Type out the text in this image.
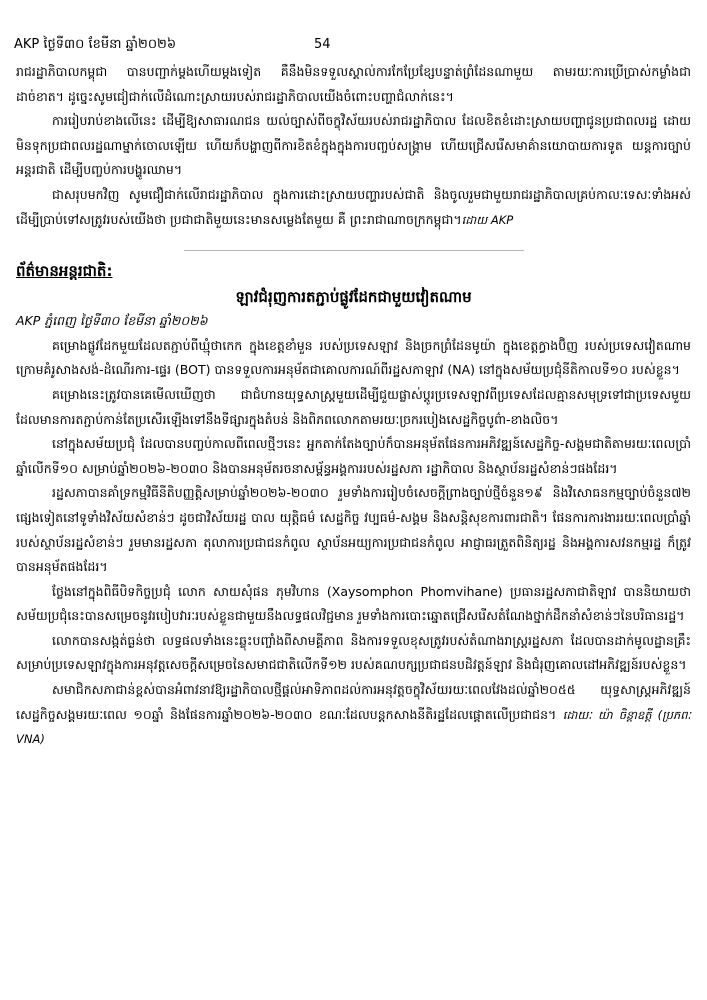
AKP ថ្ងៃទី៣០ ខែមីនា ឆ្នាំ២០២៦	54

រាជរដ្ឋាភិបាលកម្ពុជា បានបញ្ជាក់ម្តងហើយម្តងទៀត គឺនឹងមិនទទួលស្គាល់ការកែប្រែខ្សែបន្ទាត់ព្រំដែនណាមួយ តាមរយៈការប្រើប្រាស់កម្លាំងជាដាច់ខាត។ ដូច្នេះសូមជៀជាក់លើដំណោះស្រាយរបស់រាជរដ្ឋាភិបាលយើងចំពោះបញ្ហាជំលាក់នេះ។

ការរៀបរាប់ខាងលើនេះ ដើម្បីឱ្យសាធារណជន យល់ច្បាស់ពីចក្ខុវិស័យរបស់រាជរដ្ឋាភិបាល ដែលខិតខំដោះស្រាយបញ្ហាជូនប្រជាពលរដ្ឋ ដោយមិនទុកប្រជាពលរដ្ឋណាម្នាក់ចោលឡើយ ហើយក៏បង្ហាញពីការខិតខំក្នុងក្នុងការបញ្ចប់សង្គ្រាម ហើយជ្រើសរើសមាគ៌ានយោបាយការទូត យន្តការច្បាប់អន្តរជាតិ ដើម្បីបញ្ចប់ការបង្ហូរឈាម។

ជាសរុបមកវិញ សូមជឿជាក់លើរាជរដ្ឋាភិបាល ក្នុងការដោះស្រាយបញ្ហារបស់ជាតិ និងចូលរួមជាមួយរាជរដ្ឋាភិបាលគ្រប់កាលៈទេសៈទាំងអស់ ដើម្បីប្រាប់ទៅសត្រូវរបស់យើងថា ប្រជាជាតិមួយនេះមានសម្លេងតែមួយ គឺ ព្រះរាជាណាចក្រកម្ពុជា។ដោយ AKP

ព័ត៌មានអន្តរជាតិ:
ឡាវជំរុញការតភ្ជាប់ផ្លូវដែកជាមួយវៀតណាម
AKP ភ្នំពេញ ថ្ងៃទី៣០ ខែមីនា ឆ្នាំ២០២៦

គម្រោងផ្លូវដែកមួយដែលតភ្ជាប់ពីឃ្មុំថាកេក ក្នុងខេត្តខាំមួន របស់ប្រទេសឡាវ និងច្រកព្រំដែនមូយ៉ា ក្នុងខេត្តក្វាងប៊ិញ របស់ប្រទេសវៀតណាម ក្រោមគំរូសាងសង់-ដំណើរការ-ផ្ទេរ (BOT) បានទទួលការអនុម័តជាគោលការណ៍ពីរដ្ឋសភាឡាវ (NA) នៅក្នុងសម័យប្រជុំនីតិកាលទី១០ របស់ខ្លួន។

គម្រោងនេះត្រូវបានគេមើលឃើញថា ជាជំហានយុទ្ធសាស្ត្រមួយដើម្បីជួយផ្លាស់ប្តូរប្រទេសឡាវពីប្រទេសដែលគ្មានសមុទ្រទៅជាប្រទេសមួយដែលមានការតភ្ជាប់កាន់តែប្រសើរឡើងទៅនឹងទីផ្សារក្នុងតំបន់ និងពិភពលោកតាមរយៈច្រករបៀងសេដ្ឋកិច្ចបូព៌ា-ខាងលិច។

នៅក្នុងសម័យប្រជុំ ដែលបានបញ្ចប់កាលពីពេលថ្មីៗនេះ អ្នកតាក់តែងច្បាប់ក៏បានអនុម័តផែនការអភិវឌ្ឍន៍សេដ្ឋកិច្ច-សង្គមជាតិតាមរយៈពេលប្រាំឆ្នាំលើកទី១០ សម្រាប់ឆ្នាំ២០២៦-២០៣០ និងបានអនុម័តរចនាសម្ព័ន្ធអង្គការរបស់រដ្ឋសភា រដ្ឋាភិបាល និងស្ថាប័នរដ្ឋសំខាន់ៗផងដែរ។

រដ្ឋសភាបានគាំទ្រកម្មវិធីនីតិបញ្ញត្តិសម្រាប់ឆ្នាំ២០២៦-២០៣០ រួមទាំងការរៀបចំសេចក្តីព្រាងច្បាប់ថ្មីចំនួន១៩ និងវិសោធនកម្មច្បាប់ចំនួន៧២ ផ្សេងទៀតនៅទូទាំងវិស័យសំខាន់ៗ ដូចជាវិស័យរដ្ឋ បាល យុត្តិធម៌ សេដ្ឋកិច្ច វប្បធម៌-សង្គម និងសន្តិសុខការពារជាតិ។ ផែនការការងាររយៈពេលប្រាំឆ្នាំរបស់ស្ថាប័នរដ្ឋសំខាន់ៗ រួមមានរដ្ឋសភា តុលាការប្រជាជនកំពូល ស្ថាប័នអយ្យការប្រជាជនកំពូល អាជ្ញាធរត្រួតពិនិត្យរដ្ឋ និងអង្គការសវនកម្មរដ្ឋ ក៏ត្រូវបានអនុម័តផងដែរ។

ថ្លែងនៅក្នុងពិធីបិទកិច្ចប្រជុំ លោក សាយសុំផន ភុមវិហាន (Xaysomphon Phomvihane) ប្រធានរដ្ឋសភាជាតិឡាវ បាននិយាយថា សម័យប្រជុំនេះបានសម្រេចនូវរបៀបវារៈរបស់ខ្លួនជាមួយនឹងលទ្ធផលវិជ្ជមាន រួមទាំងការបោះឆ្នោតជ្រើសរើសតំណែងថ្នាក់ដឹកនាំសំខាន់ៗនៃបរិធានរដ្ឋ។

លោកបានសង្កត់ធ្ងន់ថា លទ្ធផលទាំងនេះឆ្លុះបញ្ចាំងពីសាមគ្គីភាព និងការទទួលខុសត្រូវរបស់តំណាងរាស្ត្ររដ្ឋសភា ដែលបានដាក់មូលដ្ឋានគ្រឹះសម្រាប់ប្រទេសឡាវក្នុងការអនុវត្តសេចក្តីសម្រេចនៃសមាជជាតិលើកទី១២ របស់គណបក្សប្រជាជនបដិវត្តន៍ឡាវ និងជំរុញគោលដៅអភិវឌ្ឍន៍របស់ខ្លួន។

សមាជិកសភាជាន់ខ្ពស់បានអំពាវនាវឱ្យរដ្ឋាភិបាលថ្មីផ្តល់អាទិភាពដល់ការអនុវត្តចក្ខុវិស័យរយៈពេលវែងដល់ឆ្នាំ២០៥៥ យុទ្ធសាស្ត្រអភិវឌ្ឍន៍សេដ្ឋកិច្ចសង្គមរយៈពេល ១០ឆ្នាំ និងផែនការឆ្នាំ២០២៦-២០៣០ ខណៈដែលបន្តកសាងនីតិរដ្ឋដែលផ្តោតលើប្រជាជន។ ដោយៈ យ៉ា ចិន្តាឧត្តី (ប្រភពៈ VNA)
